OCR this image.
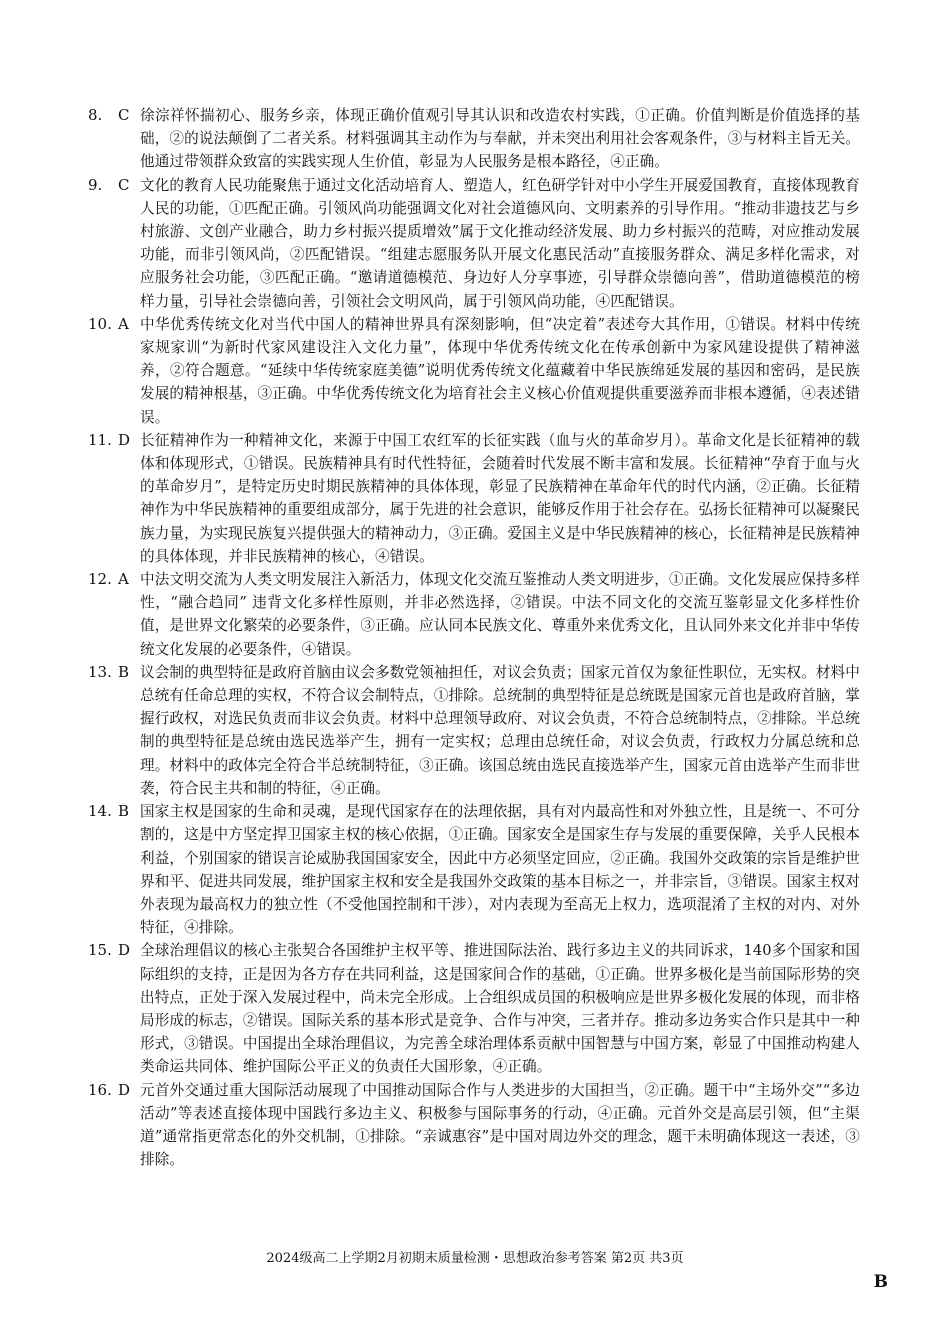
8.	C 徐淙祥怀揣初心、服务乡亲，体现正确价值观引导其认识和改造农村实践，①正确。价值判断是价值选择的基础，②的说法颠倒了二者关系。材料强调其主动作为与奉献，并未突出利用社会客观条件，③与材料主旨无关。他通过带领群众致富的实践实现人生价值，彰显为人民服务是根本路径，④正确。
9.	C 文化的教育人民功能聚焦于通过文化活动培育人、塑造人，红色研学针对中小学生开展爱国教育，直接体现教育人民的功能，①匹配正确。引领风尚功能强调文化对社会道德风向、文明素养的引导作用。“推动非遗技艺与乡村旅游、文创产业融合，助力乡村振兴提质增效”属于文化推动经济发展、助力乡村振兴的范畴，对应推动发展功能，而非引领风尚，②匹配错误。“组建志愿服务队开展文化惠民活动”直接服务群众、满足多样化需求，对应服务社会功能，③匹配正确。“邀请道德模范、身边好人分享事迹，引导群众崇德向善”，借助道德模范的榜样力量，引导社会崇德向善，引领社会文明风尚，属于引领风尚功能，④匹配错误。
10. A 中华优秀传统文化对当代中国人的精神世界具有深刻影响，但“决定着”表述夸大其作用，①错误。材料中传统家规家训“为新时代家风建设注入文化力量”，体现中华优秀传统文化在传承创新中为家风建设提供了精神滋养，②符合题意。“延续中华传统家庭美德”说明优秀传统文化蕴藏着中华民族绵延发展的基因和密码，是民族发展的精神根基，③正确。中华优秀传统文化为培育社会主义核心价值观提供重要滋养而非根本遵循，④表述错误。
11. D 长征精神作为一种精神文化，来源于中国工农红军的长征实践（血与火的革命岁月）。革命文化是长征精神的载体和体现形式，①错误。民族精神具有时代性特征，会随着时代发展不断丰富和发展。长征精神“孕育于血与火的革命岁月”，是特定历史时期民族精神的具体体现，彰显了民族精神在革命年代的时代内涵，②正确。长征精神作为中华民族精神的重要组成部分，属于先进的社会意识，能够反作用于社会存在。弘扬长征精神可以凝聚民族力量，为实现民族复兴提供强大的精神动力，③正确。爱国主义是中华民族精神的核心，长征精神是民族精神的具体体现，并非民族精神的核心，④错误。
12. A 中法文明交流为人类文明发展注入新活力，体现文化交流互鉴推动人类文明进步，①正确。文化发展应保持多样性，“融合趋同” 违背文化多样性原则，并非必然选择，②错误。中法不同文化的交流互鉴彰显文化多样性价值，是世界文化繁荣的必要条件，③正确。应认同本民族文化、尊重外来优秀文化，且认同外来文化并非中华传统文化发展的必要条件，④错误。
13. B 议会制的典型特征是政府首脑由议会多数党领袖担任，对议会负责；国家元首仅为象征性职位，无实权。材料中总统有任命总理的实权，不符合议会制特点，①排除。总统制的典型特征是总统既是国家元首也是政府首脑，掌握行政权，对选民负责而非议会负责。材料中总理领导政府、对议会负责，不符合总统制特点，②排除。半总统制的典型特征是总统由选民选举产生，拥有一定实权；总理由总统任命，对议会负责，行政权力分属总统和总理。材料中的政体完全符合半总统制特征，③正确。该国总统由选民直接选举产生，国家元首由选举产生而非世袭，符合民主共和制的特征，④正确。
14. B 国家主权是国家的生命和灵魂，是现代国家存在的法理依据，具有对内最高性和对外独立性，且是统一、不可分割的，这是中方坚定捍卫国家主权的核心依据，①正确。国家安全是国家生存与发展的重要保障，关乎人民根本利益，个别国家的错误言论威胁我国国家安全，因此中方必须坚定回应，②正确。我国外交政策的宗旨是维护世界和平、促进共同发展，维护国家主权和安全是我国外交政策的基本目标之一，并非宗旨，③错误。国家主权对外表现为最高权力的独立性（不受他国控制和干涉），对内表现为至高无上权力，选项混淆了主权的对内、对外特征，④排除。
15. D 全球治理倡议的核心主张契合各国维护主权平等、推进国际法治、践行多边主义的共同诉求，140多个国家和国际组织的支持，正是因为各方存在共同利益，这是国家间合作的基础，①正确。世界多极化是当前国际形势的突出特点，正处于深入发展过程中，尚未完全形成。上合组织成员国的积极响应是世界多极化发展的体现，而非格局形成的标志，②错误。国际关系的基本形式是竞争、合作与冲突，三者并存。推动多边务实合作只是其中一种形式，③错误。中国提出全球治理倡议，为完善全球治理体系贡献中国智慧与中国方案，彰显了中国推动构建人类命运共同体、维护国际公平正义的负责任大国形象，④正确。
16. D 元首外交通过重大国际活动展现了中国推动国际合作与人类进步的大国担当，②正确。题干中“主场外交”“多边活动”等表述直接体现中国践行多边主义、积极参与国际事务的行动，④正确。元首外交是高层引领，但“主渠道”通常指更常态化的外交机制，①排除。“亲诚惠容”是中国对周边外交的理念，题干未明确体现这一表述，③排除。
2024级高二上学期2月初期末质量检测・思想政治参考答案 第2页 共3页
B
